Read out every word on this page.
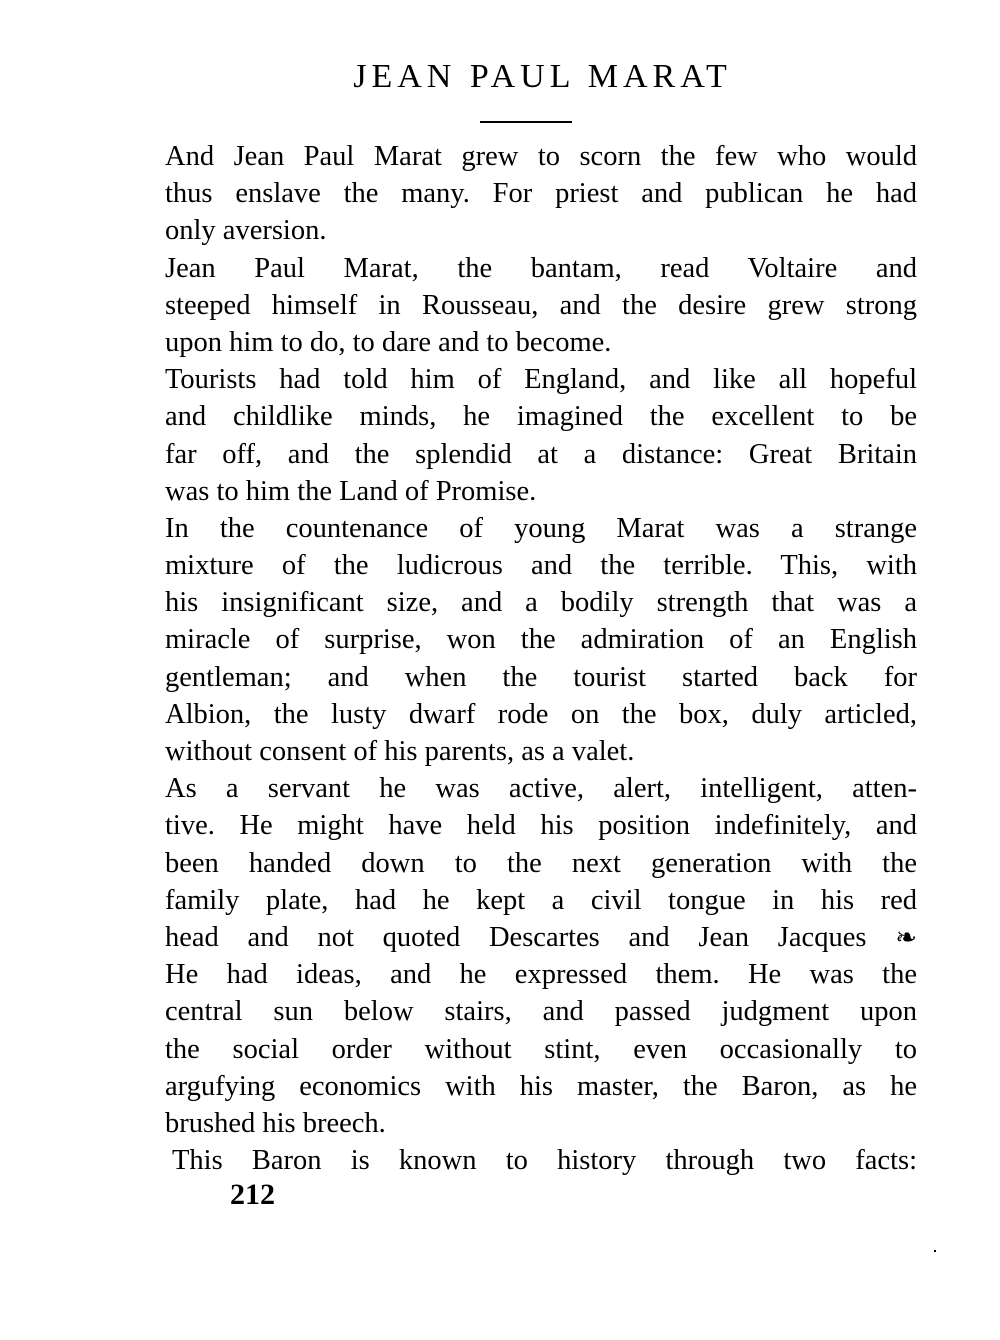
JEAN PAUL MARAT
And Jean Paul Marat grew to scorn the few who would
thus enslave the many. For priest and publican he had
only aversion.
Jean Paul Marat, the bantam, read Voltaire and
steeped himself in Rousseau, and the desire grew strong
upon him to do, to dare and to become.
Tourists had told him of England, and like all hopeful
and childlike minds, he imagined the excellent to be
far off, and the splendid at a distance: Great Britain
was to him the Land of Promise.
In the countenance of young Marat was a strange
mixture of the ludicrous and the terrible. This, with
his insignificant size, and a bodily strength that was a
miracle of surprise, won the admiration of an English
gentleman; and when the tourist started back for
Albion, the lusty dwarf rode on the box, duly articled,
without consent of his parents, as a valet.
As a servant he was active, alert, intelligent, atten-
tive. He might have held his position indefinitely, and
been handed down to the next generation with the
family plate, had he kept a civil tongue in his red
head and not quoted Descartes and Jean Jacques ❧
He had ideas, and he expressed them. He was the
central sun below stairs, and passed judgment upon
the social order without stint, even occasionally to
argufying economics with his master, the Baron, as he
brushed his breech.
This Baron is known to history through two facts:
212
